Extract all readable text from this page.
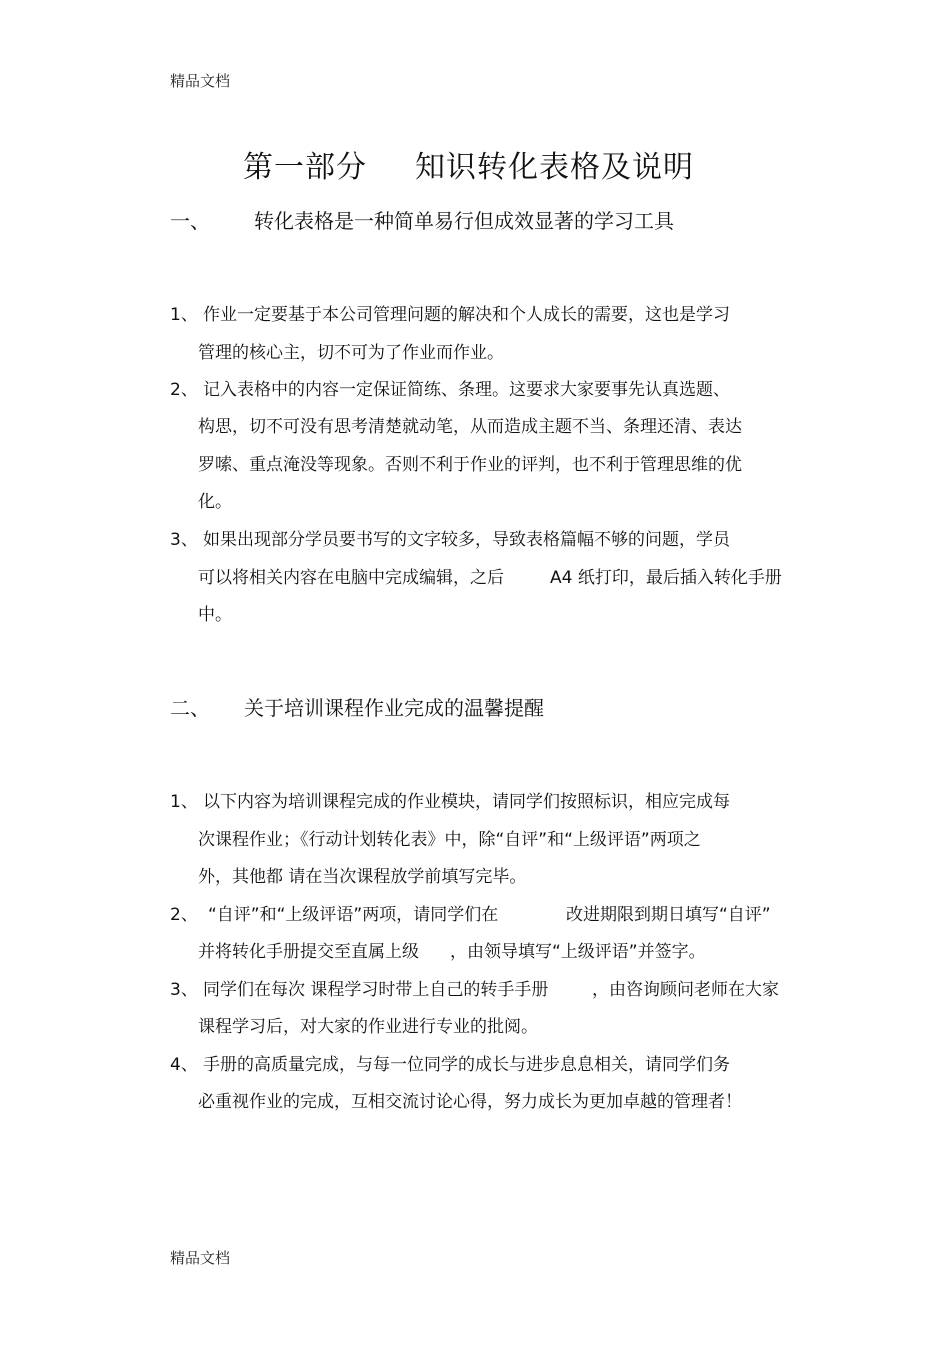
精品文档
第一部分 知识转化表格及说明
一、 转化表格是一种简单易行但成效显著的学习工具
1、 作业一定要基于本公司管理问题的解决和个人成长的需要，这也是学习
管理的核心主，切不可为了作业而作业。
2、 记入表格中的内容一定保证简练、条理。这要求大家要事先认真选题、
构思，切不可没有思考清楚就动笔，从而造成主题不当、条理还清、表达
罗嗦、重点淹没等现象。否则不利于作业的评判，也不利于管理思维的优
化。
3、 如果出现部分学员要书写的文字较多，导致表格篇幅不够的问题，学员
可以将相关内容在电脑中完成编辑，之后	A4 纸打印，最后插入转化手册
中。
二、 关于培训课程作业完成的温馨提醒
1、 以下内容为培训课程完成的作业模块，请同学们按照标识，相应完成每
次课程作业；《行动计划转化表》中，除“自评”和“上级评语”两项之
外，其他都 请在当次课程放学前填写完毕。
2、 “自评”和“上级评语”两项，请同学们在	改进期限到期日填写“自评”
并将转化手册提交至直属上级 ，由领导填写“上级评语”并签字。
3、 同学们在每次 课程学习时带上自己的转手手册	，由咨询顾问老师在大家
课程学习后，对大家的作业进行专业的批阅。
4、 手册的高质量完成，与每一位同学的成长与进步息息相关，请同学们务
必重视作业的完成，互相交流讨论心得，努力成长为更加卓越的管理者！
精品文档
